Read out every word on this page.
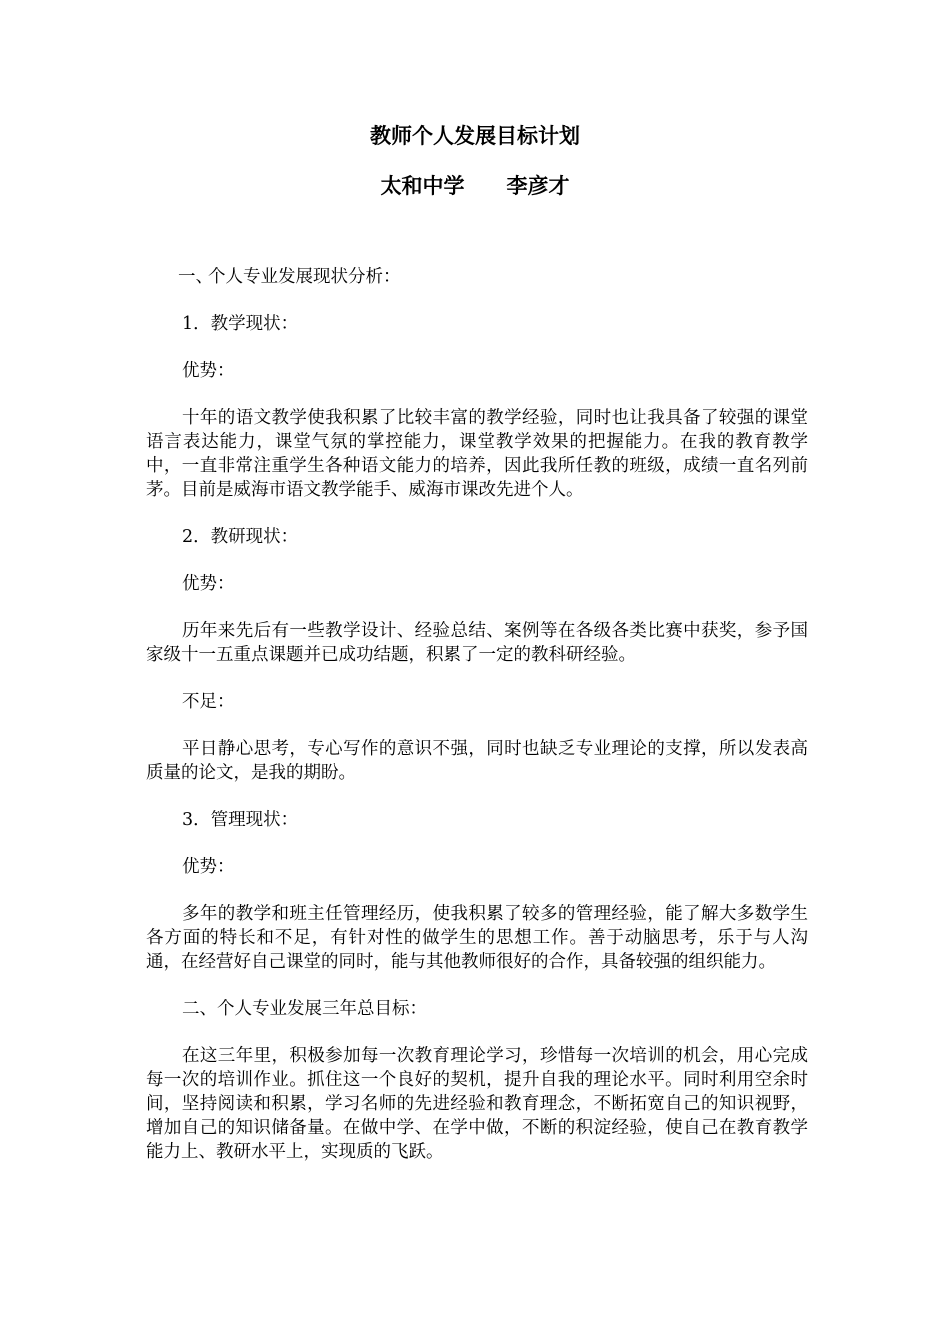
教师个人发展目标计划
太和中学 李彦才

一、个人专业发展现状分析：

1．教学现状：

优势：

十年的语文教学使我积累了比较丰富的教学经验，同时也让我具备了较强的课堂语言表达能力，课堂气氛的掌控能力，课堂教学效果的把握能力。在我的教育教学中，一直非常注重学生各种语文能力的培养，因此我所任教的班级，成绩一直名列前茅。目前是威海市语文教学能手、威海市课改先进个人。

2．教研现状：

优势：

历年来先后有一些教学设计、经验总结、案例等在各级各类比赛中获奖，参予国家级十一五重点课题并已成功结题，积累了一定的教科研经验。

不足：

平日静心思考，专心写作的意识不强，同时也缺乏专业理论的支撑，所以发表高质量的论文，是我的期盼。

3．管理现状：

优势：

多年的教学和班主任管理经历，使我积累了较多的管理经验，能了解大多数学生各方面的特长和不足，有针对性的做学生的思想工作。善于动脑思考，乐于与人沟通，在经营好自己课堂的同时，能与其他教师很好的合作，具备较强的组织能力。

二、个人专业发展三年总目标：

在这三年里，积极参加每一次教育理论学习，珍惜每一次培训的机会，用心完成每一次的培训作业。抓住这一个良好的契机，提升自我的理论水平。同时利用空余时间，坚持阅读和积累，学习名师的先进经验和教育理念，不断拓宽自己的知识视野，增加自己的知识储备量。在做中学、在学中做，不断的积淀经验，使自己在教育教学能力上、教研水平上，实现质的飞跃。
